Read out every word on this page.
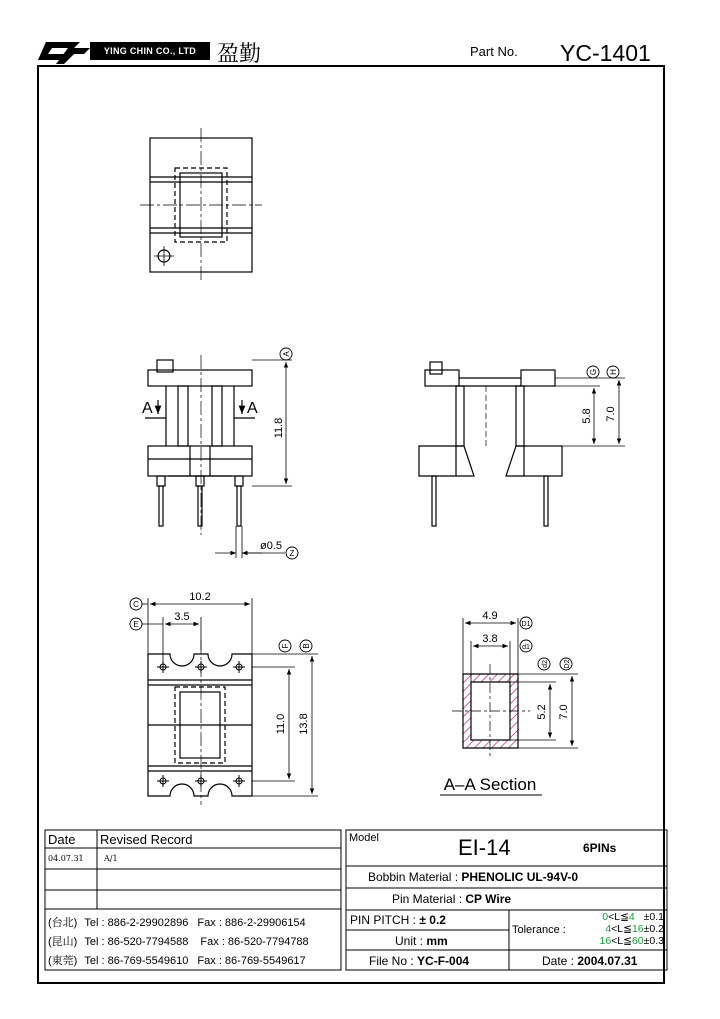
YING CHIN CO., LTD 盈勤	Part No. YC-1401
A	A
11.8
ø0.5
5.8 7.0
10.2
3.5
11.0 13.8
4.9
3.8
5.2 7.0
A–A Section
A
G H
Z
C
E
F B
D1
d1
d2 D2
Date Revised Record
04.07.31	A/1
(台北) Tel : 886-2-29902896 Fax : 886-2-29906154
(昆山) Tel : 86-520-7794588 Fax : 86-520-7794788
(東莞) Tel : 86-769-5549610 Fax : 86-769-5549617
Model	EI-14	6PINs
Bobbin Material : PHENOLIC UL-94V-0
Pin Material : CP Wire
PIN PITCH : ± 0.2
Unit : mm
File No : YC-F-004	Date : 2004.07.31
Tolerance :
0<L≦4 ±0.1
4<L≦16±0.2
16<L≦60±0.3
